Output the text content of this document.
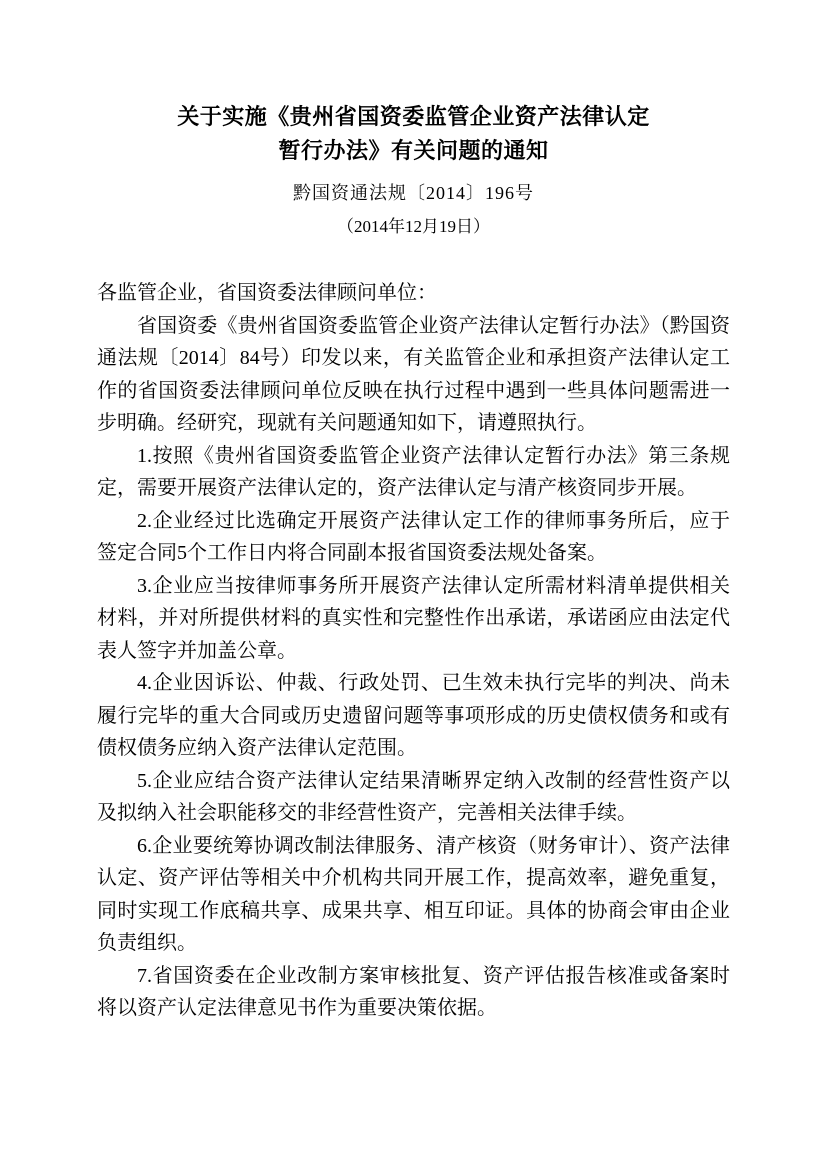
关于实施《贵州省国资委监管企业资产法律认定
暂行办法》有关问题的通知
黔国资通法规〔2014〕196号
（2014年12月19日）

各监管企业，省国资委法律顾问单位：

省国资委《贵州省国资委监管企业资产法律认定暂行办法》（黔国资通法规〔2014〕84号）印发以来，有关监管企业和承担资产法律认定工作的省国资委法律顾问单位反映在执行过程中遇到一些具体问题需进一步明确。经研究，现就有关问题通知如下，请遵照执行。

1.按照《贵州省国资委监管企业资产法律认定暂行办法》第三条规定，需要开展资产法律认定的，资产法律认定与清产核资同步开展。

2.企业经过比选确定开展资产法律认定工作的律师事务所后，应于签定合同5个工作日内将合同副本报省国资委法规处备案。

3.企业应当按律师事务所开展资产法律认定所需材料清单提供相关材料，并对所提供材料的真实性和完整性作出承诺，承诺函应由法定代表人签字并加盖公章。

4.企业因诉讼、仲裁、行政处罚、已生效未执行完毕的判决、尚未履行完毕的重大合同或历史遗留问题等事项形成的历史债权债务和或有债权债务应纳入资产法律认定范围。

5.企业应结合资产法律认定结果清晰界定纳入改制的经营性资产以及拟纳入社会职能移交的非经营性资产，完善相关法律手续。

6.企业要统筹协调改制法律服务、清产核资（财务审计）、资产法律认定、资产评估等相关中介机构共同开展工作，提高效率，避免重复，同时实现工作底稿共享、成果共享、相互印证。具体的协商会审由企业负责组织。

7.省国资委在企业改制方案审核批复、资产评估报告核准或备案时将以资产认定法律意见书作为重要决策依据。
